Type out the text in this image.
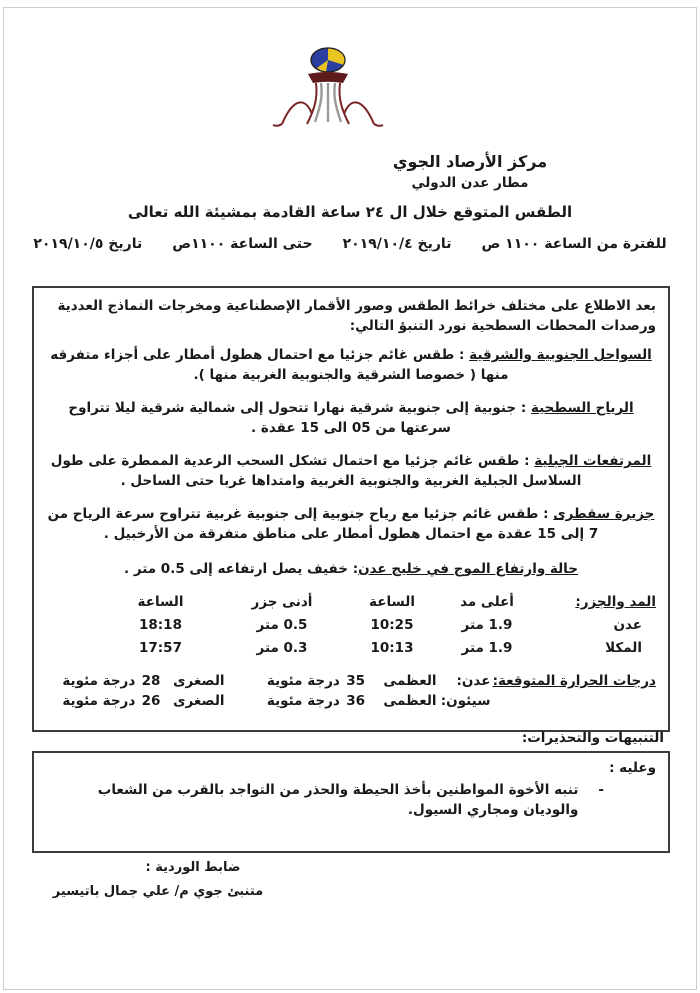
مركز الأرصاد الجوي
مطار عدن الدولي
الطقس المتوقع خلال ال ٢٤ ساعة القادمة بمشيئة الله تعالى
للفترة من الساعة ١١٠٠ ص
تاريخ ٢٠١٩/١٠/٤
حتى الساعة ١١٠٠ص
تاريخ ٢٠١٩/١٠/٥

بعد الاطلاع على مختلف خرائط الطقس وصور الأقمار الإصطناعية ومخرجات النماذج العددية ورصدات المحطات السطحية نورد التنبؤ التالي:

السواحل الجنوبية والشرقية : طقس غائم جزئيا مع احتمال هطول أمطار على أجزاء متفرقه منها ( خصوصا الشرقية والجنوبية الغربية منها ).

الرياح السطحية : جنوبية إلى جنوبية شرقية نهارا تتحول إلى شمالية شرقية ليلا تتراوح سرعتها من 05 الى 15 عقدة .

المرتفعات الجبلية : طقس غائم جزئيا مع احتمال تشكل السحب الرعدية الممطرة على طول السلاسل الجبلية الغربية والجنوبية الغربية وامتداها غربا حتى الساحل .

جزيرة سقطرى : طقس غائم جزئيا مع رياح جنوبية إلى جنوبية غربية تتراوح سرعة الرياح من 7 إلى 15 عقدة مع احتمال هطول أمطار على مناطق متفرقة من الأرخبيل .

حالة وارتفاع الموج في خليج عدن: خفيف يصل ارتفاعه إلى 0.5 متر .

المد والجزر:
أعلى مد
الساعة
أدنى جزر
الساعة
عدن
1.9 متر
10:25
0.5 متر
18:18
المكلا
1.9 متر
10:13
0.3 متر
17:57
درجات الحرارة المتوقعة:
عدن:
العظمى
35
درجة مئوية
الصغرى
28
درجة مئوية
سيئون:
العظمى
36
درجة مئوية
الصغرى
26
درجة مئوية
التنبيهات والتحذيرات:
وعليه :
-
تنبه الأخوة المواطنين بأخذ الحيطة والحذر من التواجد بالقرب من الشعاب والوديان ومجاري السيول.
ضابط الوردية :
متنبئ جوي م/ علي جمال باتيسير
